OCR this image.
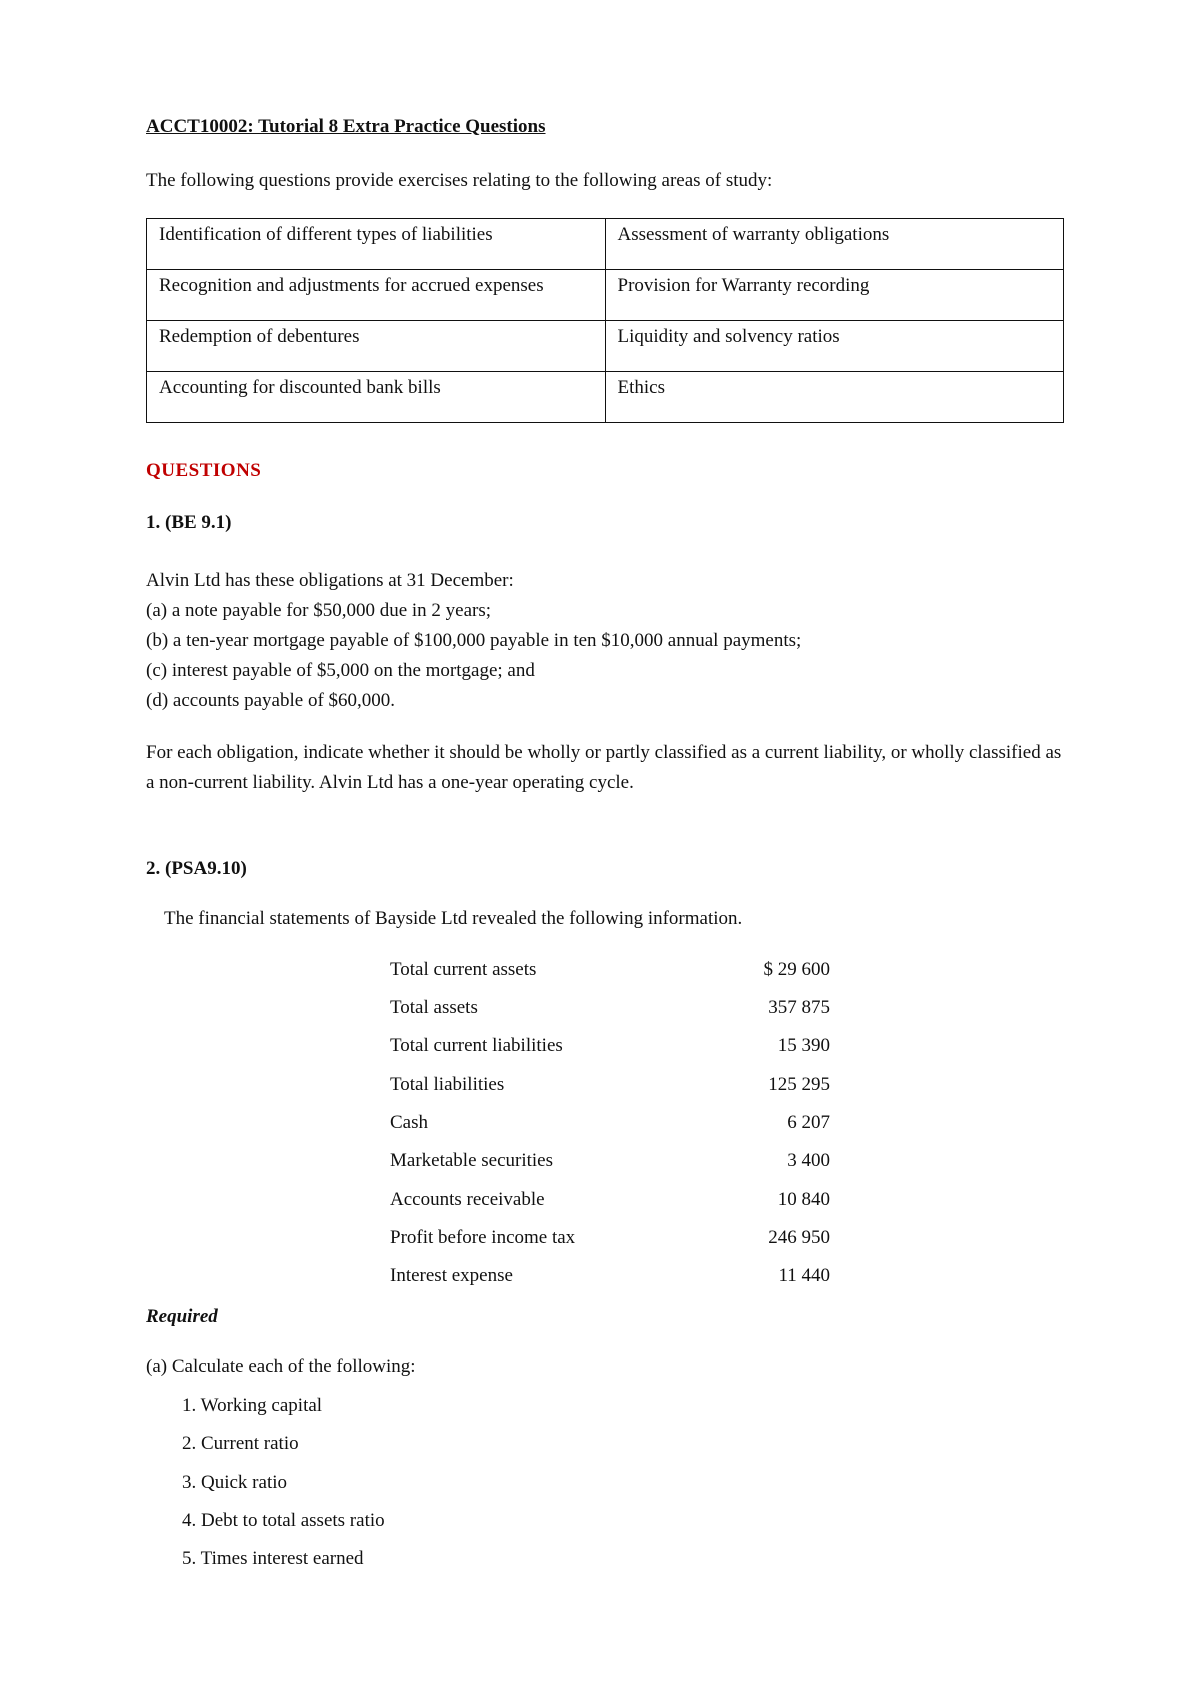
ACCT10002: Tutorial 8 Extra Practice Questions
The following questions provide exercises relating to the following areas of study:
Identification of different types of liabilities	Assessment of warranty obligations
Recognition and adjustments for accrued expenses	Provision for Warranty recording
Redemption of debentures	Liquidity and solvency ratios
Accounting for discounted bank bills	Ethics
QUESTIONS
1. (BE 9.1)
Alvin Ltd has these obligations at 31 December:
(a) a note payable for $50,000 due in 2 years;
(b) a ten-year mortgage payable of $100,000 payable in ten $10,000 annual payments;
(c) interest payable of $5,000 on the mortgage; and
(d) accounts payable of $60,000.
For each obligation, indicate whether it should be wholly or partly classified as a current liability, or wholly classified as a non-current liability. Alvin Ltd has a one-year operating cycle.
2. (PSA9.10)
The financial statements of Bayside Ltd revealed the following information.
Total current assets	$ 29 600
Total assets	357 875
Total current liabilities	15 390
Total liabilities	125 295
Cash	6 207
Marketable securities	3 400
Accounts receivable	10 840
Profit before income tax	246 950
Interest expense	11 440
Required
(a) Calculate each of the following:
1. Working capital
2. Current ratio
3. Quick ratio
4. Debt to total assets ratio
5. Times interest earned
